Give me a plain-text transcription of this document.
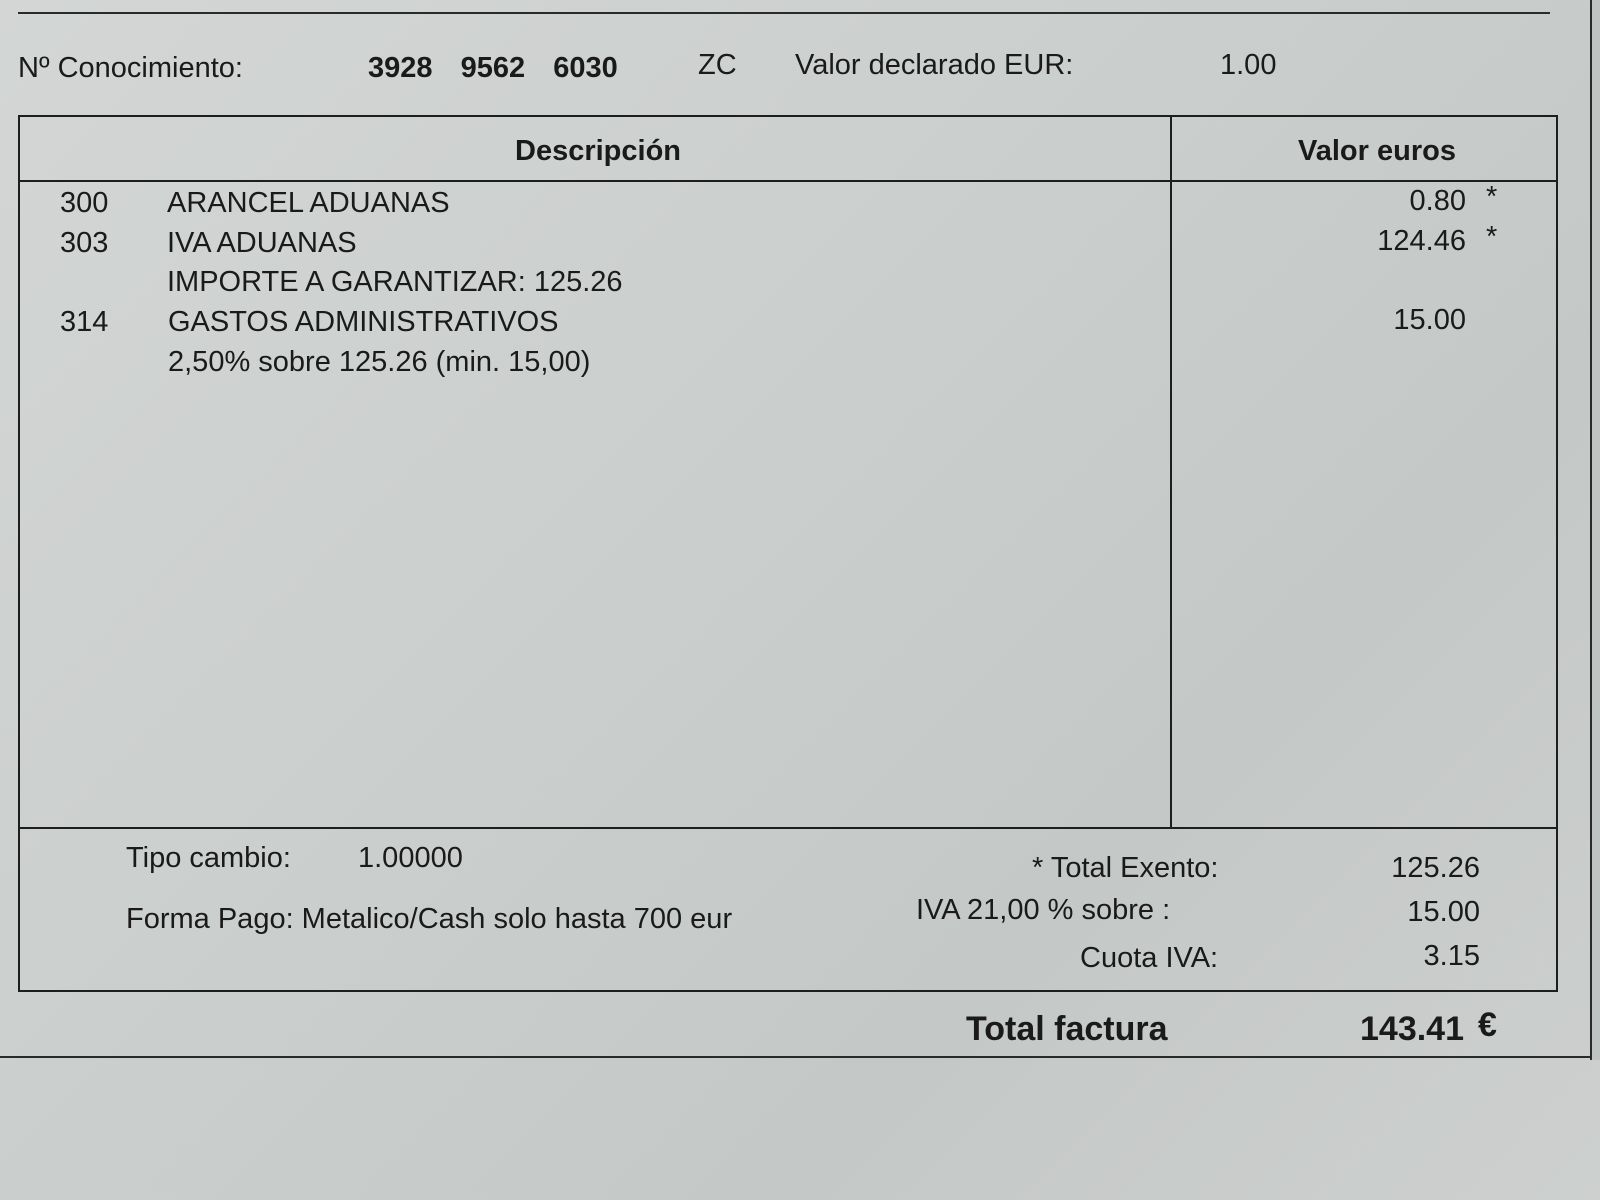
Nº Conocimiento:	3928  9562  6030	ZC Valor declarado EUR:	1.00
Descripción	Valor euros
300 ARANCEL ADUANAS	0.80 *
303 IVA ADUANAS	124.46 *
IMPORTE A GARANTIZAR: 125.26
314 GASTOS ADMINISTRATIVOS	15.00
2,50% sobre 125.26 (min. 15,00)
Tipo cambio: 1.00000
Forma Pago: Metalico/Cash solo hasta 700 eur
* Total Exento:	125.26
IVA 21,00 % sobre :	15.00
Cuota IVA:	3.15
Total factura	143.41 €
